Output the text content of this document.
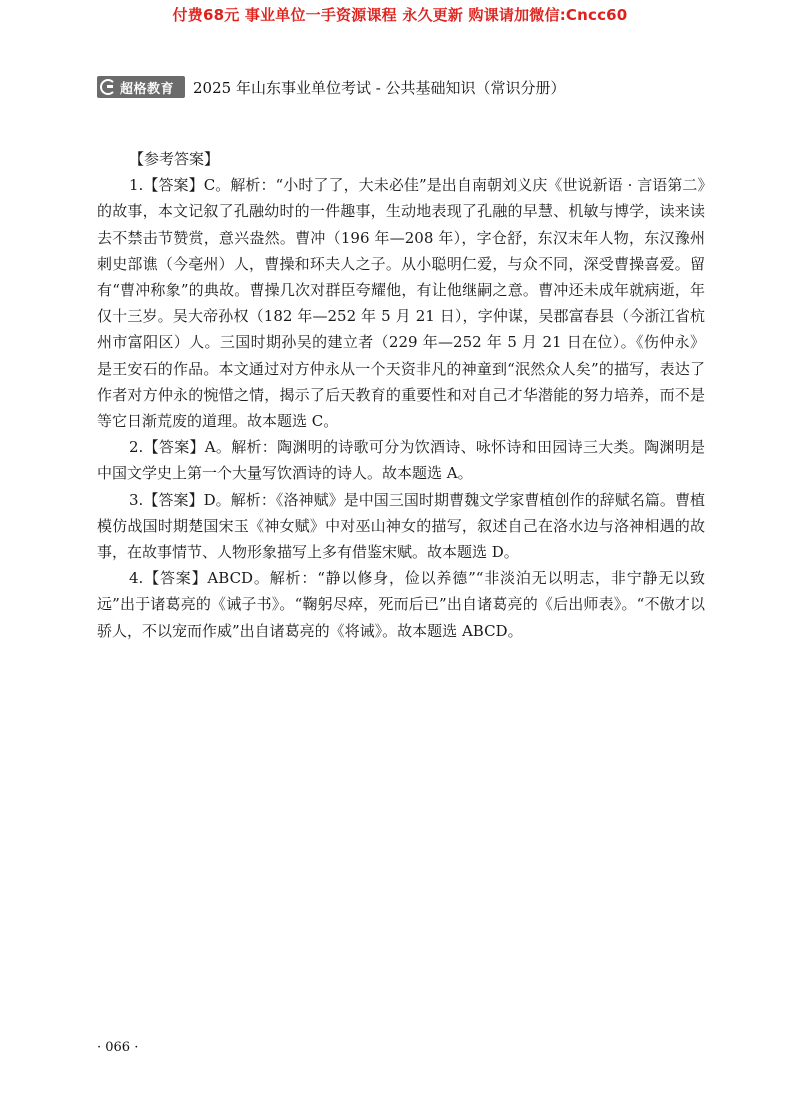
付费68元 事业单位一手资源课程 永久更新 购课请加微信:Cncc60
超格教育 2025 年山东事业单位考试 - 公共基础知识（常识分册）
【参考答案】

1.【答案】C。解析：“小时了了，大未必佳”是出自南朝刘义庆《世说新语 · 言语第二》的故事，本文记叙了孔融幼时的一件趣事，生动地表现了孔融的早慧、机敏与博学，读来读去不禁击节赞赏，意兴盎然。曹冲（196 年—208 年），字仓舒，东汉末年人物，东汉豫州刺史部谯（今亳州）人，曹操和环夫人之子。从小聪明仁爱，与众不同，深受曹操喜爱。留有“曹冲称象”的典故。曹操几次对群臣夸耀他，有让他继嗣之意。曹冲还未成年就病逝，年仅十三岁。吴大帝孙权（182 年—252 年 5 月 21 日），字仲谋，吴郡富春县（今浙江省杭州市富阳区）人。三国时期孙吴的建立者（229 年—252 年 5 月 21 日在位）。《伤仲永》是王安石的作品。本文通过对方仲永从一个天资非凡的神童到“泯然众人矣”的描写，表达了作者对方仲永的惋惜之情，揭示了后天教育的重要性和对自己才华潜能的努力培养，而不是等它日渐荒废的道理。故本题选 C。

2.【答案】A。解析：陶渊明的诗歌可分为饮酒诗、咏怀诗和田园诗三大类。陶渊明是中国文学史上第一个大量写饮酒诗的诗人。故本题选 A。

3.【答案】D。解析：《洛神赋》是中国三国时期曹魏文学家曹植创作的辞赋名篇。曹植模仿战国时期楚国宋玉《神女赋》中对巫山神女的描写，叙述自己在洛水边与洛神相遇的故事，在故事情节、人物形象描写上多有借鉴宋赋。故本题选 D。

4.【答案】ABCD。解析：“静以修身，俭以养德”“非淡泊无以明志，非宁静无以致远”出于诸葛亮的《诫子书》。“鞠躬尽瘁，死而后已”出自诸葛亮的《后出师表》。“不傲才以骄人，不以宠而作威”出自诸葛亮的《将诫》。故本题选 ABCD。

· 066 ·
